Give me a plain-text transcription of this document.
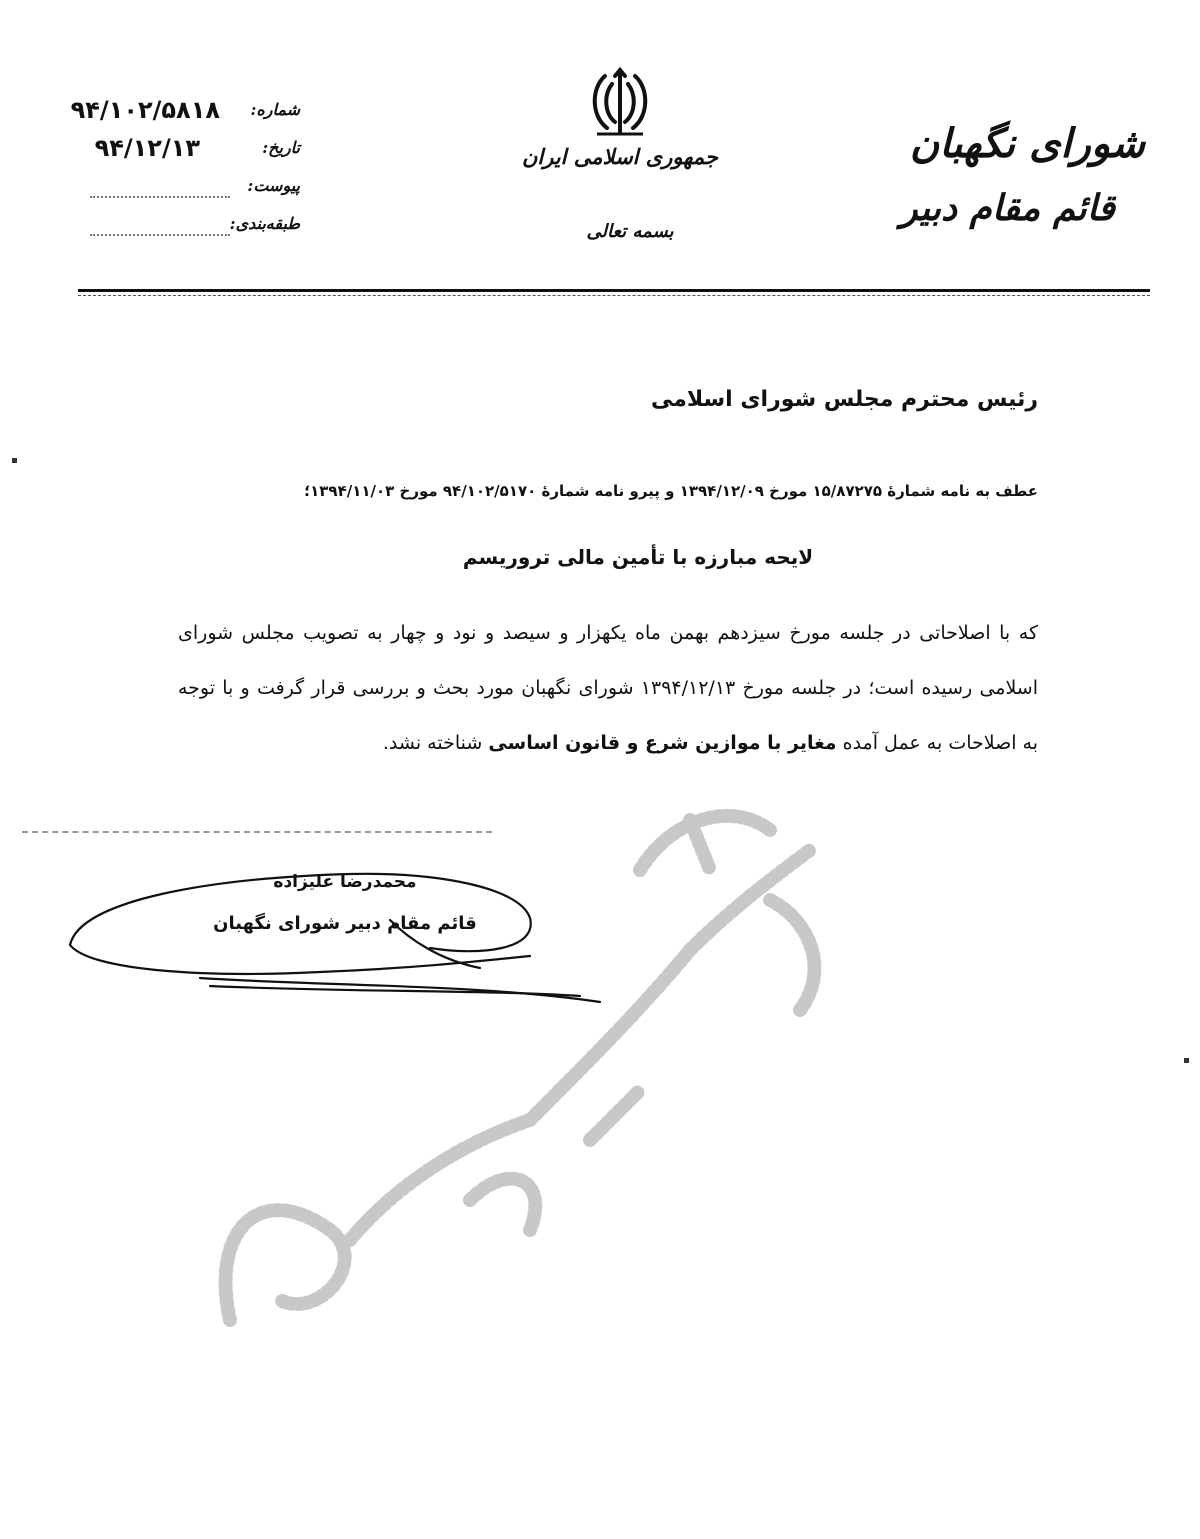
شورای نگهبان

قائم مقام دبیر

جمهوری اسلامی ایران
بسمه تعالی
شماره:
۹۴/۱۰۲/۵۸۱۸
تاریخ:
۹۴/۱۲/۱۳
پیوست:
طبقه‌بندی:

رئیس محترم مجلس شورای اسلامی

عطف به نامه شمارهٔ ۱۵/۸۷۲۷۵ مورخ ۱۳۹۴/۱۲/۰۹ و پیرو نامه شمارهٔ ۹۴/۱۰۲/۵۱۷۰ مورخ ۱۳۹۴/۱۱/۰۳؛

لایحه مبارزه با تأمین مالی تروریسم

که با اصلاحاتی در جلسه مورخ سیزدهم بهمن ماه یکهزار و سیصد و نود و چهار به تصویب مجلس شورای اسلامی رسیده است؛ در جلسه مورخ ۱۳۹۴/۱۲/۱۳ شورای نگهبان مورد بحث و بررسی قرار گرفت و با توجه به اصلاحات به عمل آمده مغایر با موازین شرع و قانون اساسی شناخته نشد.

محمدرضا علیزاده
قائم مقام دبیر شورای نگهبان
